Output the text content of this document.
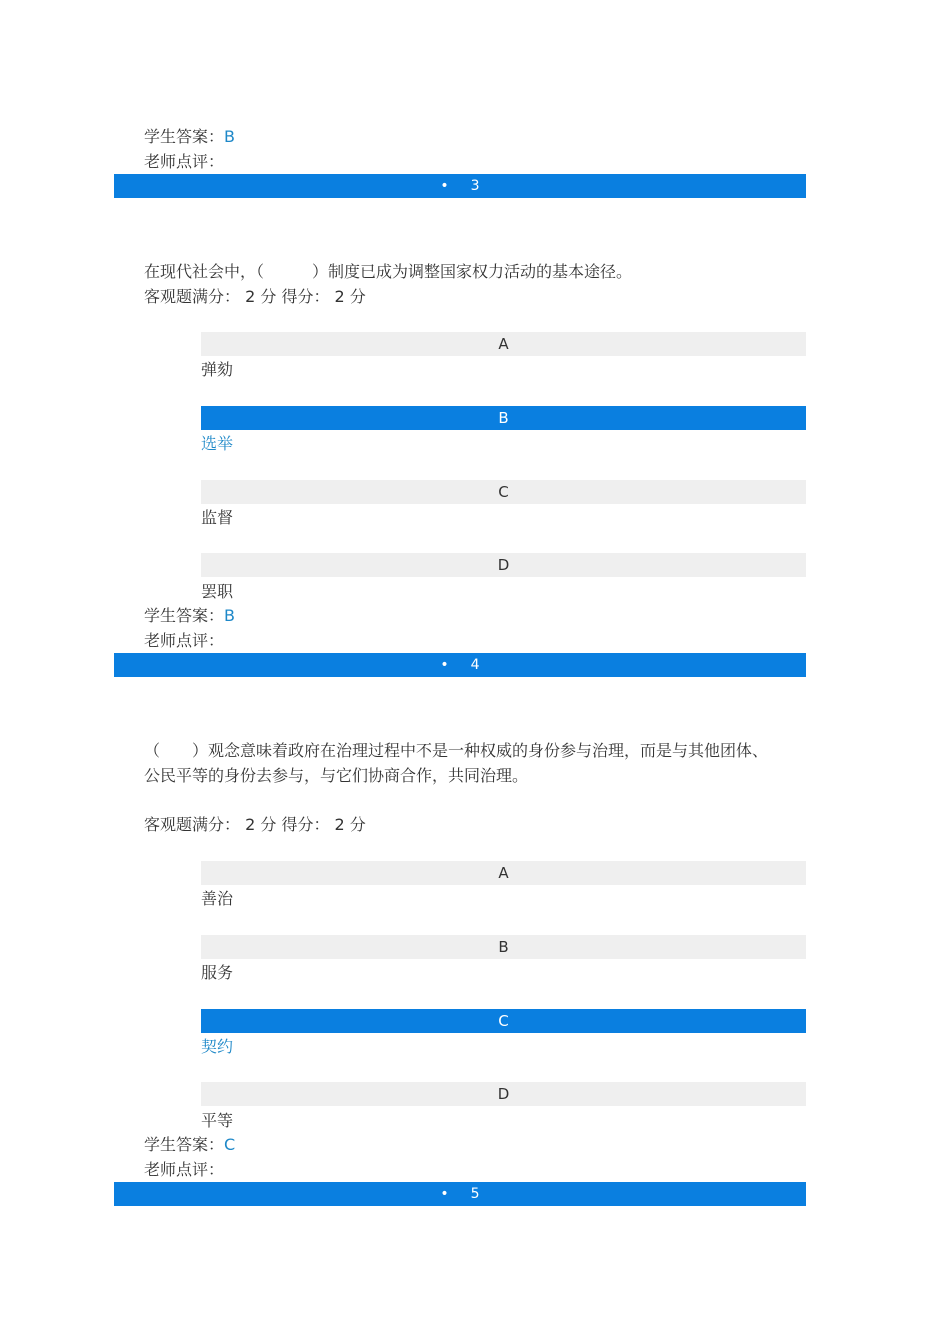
学生答案：B
老师点评：
• 3
在现代社会中，（　　　）制度已成为调整国家权力活动的基本途径。
客观题满分： 2 分 得分： 2 分
A
弹劾
B
选举
C
监督
D
罢职
学生答案：B
老师点评：
• 4
（　　）观念意味着政府在治理过程中不是一种权威的身份参与治理，而是与其他团体、
公民平等的身份去参与，与它们协商合作，共同治理。
客观题满分： 2 分 得分： 2 分
A
善治
B
服务
C
契约
D
平等
学生答案：C
老师点评：
• 5
